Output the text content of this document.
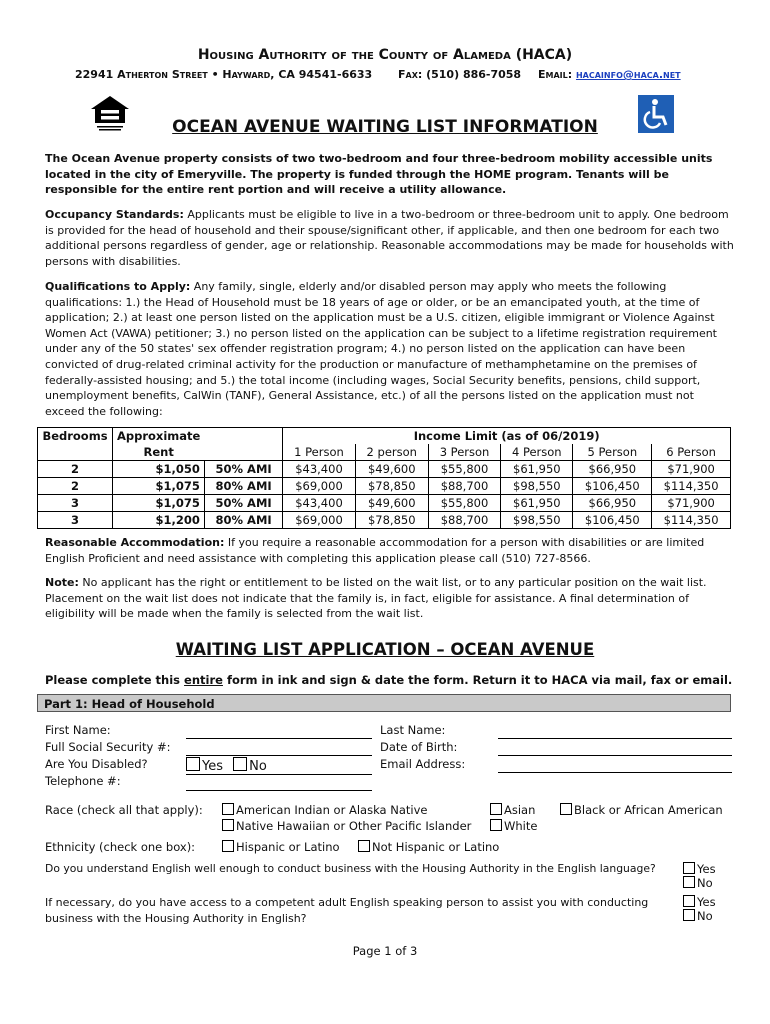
Housing Authority of the County of Alameda (HACA)
22941 Atherton Street • Hayward, CA 94541-6633 Fax: (510) 886-7058 Email: hacainfo@haca.net
OCEAN AVENUE WAITING LIST INFORMATION
The Ocean Avenue property consists of two two-bedroom and four three-bedroom mobility accessible units located in the city of Emeryville. The property is funded through the HOME program. Tenants will be responsible for the entire rent portion and will receive a utility allowance.
Occupancy Standards: Applicants must be eligible to live in a two-bedroom or three-bedroom unit to apply. One bedroom is provided for the head of household and their spouse/significant other, if applicable, and then one bedroom for each two additional persons regardless of gender, age or relationship. Reasonable accommodations may be made for households with persons with disabilities.
Qualifications to Apply: Any family, single, elderly and/or disabled person may apply who meets the following qualifications: 1.) the Head of Household must be 18 years of age or older, or be an emancipated youth, at the time of application; 2.) at least one person listed on the application must be a U.S. citizen, eligible immigrant or Violence Against Women Act (VAWA) petitioner; 3.) no person listed on the application can be subject to a lifetime registration requirement under any of the 50 states' sex offender registration program; 4.) no person listed on the application can have been convicted of drug-related criminal activity for the production or manufacture of methamphetamine on the premises of federally-assisted housing; and 5.) the total income (including wages, Social Security benefits, pensions, child support, unemployment benefits, CalWin (TANF), General Assistance, etc.) of all the persons listed on the application must not exceed the following:
Bedrooms	Approximate		Income Limit (as of 06/2019)					
	Rent		1 Person	2 person	3 Person	4 Person	5 Person	6 Person
2	$1,050	50% AMI	$43,400	$49,600	$55,800	$61,950	$66,950	$71,900
2	$1,075	80% AMI	$69,000	$78,850	$88,700	$98,550	$106,450	$114,350
3	$1,075	50% AMI	$43,400	$49,600	$55,800	$61,950	$66,950	$71,900
3	$1,200	80% AMI	$69,000	$78,850	$88,700	$98,550	$106,450	$114,350
Reasonable Accommodation: If you require a reasonable accommodation for a person with disabilities or are limited English Proficient and need assistance with completing this application please call (510) 727-8566.
Note: No applicant has the right or entitlement to be listed on the wait list, or to any particular position on the wait list. Placement on the wait list does not indicate that the family is, in fact, eligible for assistance. A final determination of eligibility will be made when the family is selected from the wait list.
WAITING LIST APPLICATION – OCEAN AVENUE
Please complete this entire form in ink and sign & date the form. Return it to HACA via mail, fax or email.
Part 1: Head of Household
First Name:	Last Name:
Full Social Security #:	Date of Birth:
Are You Disabled?	Yes No	Email Address:
Telephone #:
Race (check all that apply):	American Indian or Alaska Native	Asian	Black or African American
Native Hawaiian or Other Pacific Islander	White
Ethnicity (check one box):	Hispanic or Latino	Not Hispanic or Latino
Do you understand English well enough to conduct business with the Housing Authority in the English language?	Yes
No
If necessary, do you have access to a competent adult English speaking person to assist you with conducting
business with the Housing Authority in English?
Yes
No
Page 1 of 3
